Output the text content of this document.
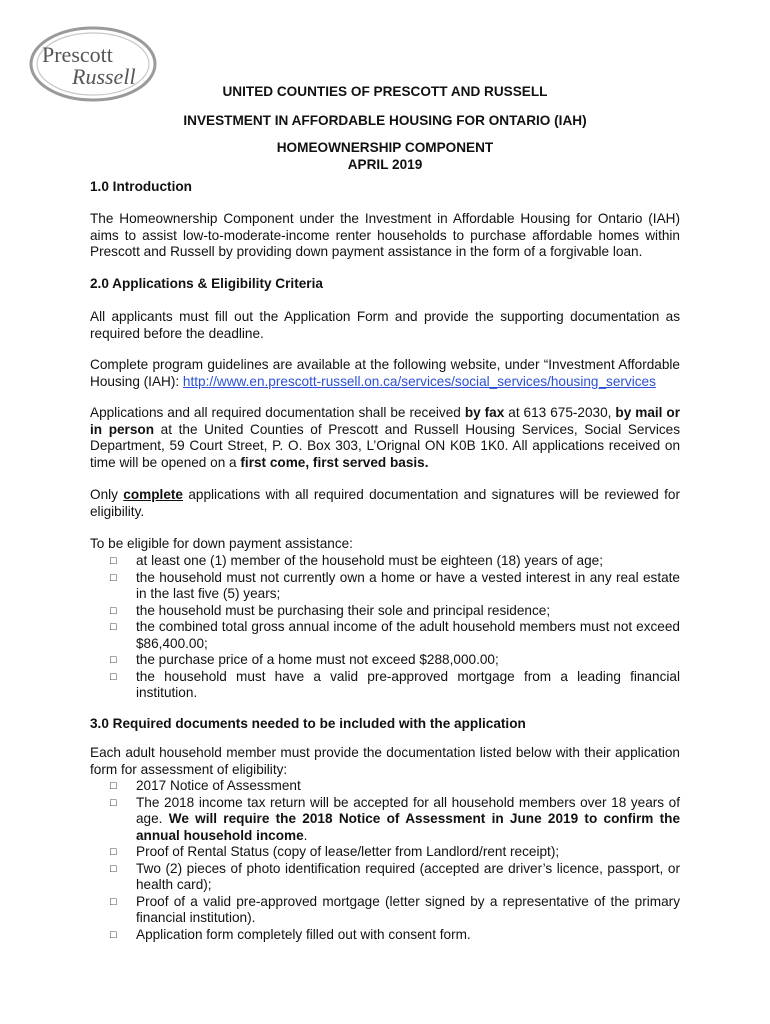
Prescott
Russell
UNITED COUNTIES OF PRESCOTT AND RUSSELL
INVESTMENT IN AFFORDABLE HOUSING FOR ONTARIO (IAH)
HOMEOWNERSHIP COMPONENT
APRIL 2019
1.0 Introduction
The Homeownership Component under the Investment in Affordable Housing for Ontario (IAH) aims to assist low-to-moderate-income renter households to purchase affordable homes within Prescott and Russell by providing down payment assistance in the form of a forgivable loan.
2.0 Applications & Eligibility Criteria
All applicants must fill out the Application Form and provide the supporting documentation as required before the deadline.
Complete program guidelines are available at the following website, under “Investment Affordable Housing (IAH): http://www.en.prescott-russell.on.ca/services/social_services/housing_services
Applications and all required documentation shall be received by fax at 613 675-2030, by mail or in person at the United Counties of Prescott and Russell Housing Services, Social Services Department, 59 Court Street, P. O. Box 303, L’Orignal ON K0B 1K0. All applications received on time will be opened on a first come, first served basis.
Only complete applications with all required documentation and signatures will be reviewed for eligibility.
To be eligible for down payment assistance:
□ at least one (1) member of the household must be eighteen (18) years of age;
□ the household must not currently own a home or have a vested interest in any real estate in the last five (5) years;
□ the household must be purchasing their sole and principal residence;
□ the combined total gross annual income of the adult household members must not exceed $86,400.00;
□ the purchase price of a home must not exceed $288,000.00;
□ the household must have a valid pre-approved mortgage from a leading financial institution.
3.0 Required documents needed to be included with the application
Each adult household member must provide the documentation listed below with their application form for assessment of eligibility:
□ 2017 Notice of Assessment
□ The 2018 income tax return will be accepted for all household members over 18 years of age. We will require the 2018 Notice of Assessment in June 2019 to confirm the annual household income.
□ Proof of Rental Status (copy of lease/letter from Landlord/rent receipt);
□ Two (2) pieces of photo identification required (accepted are driver’s licence, passport, or health card);
□ Proof of a valid pre-approved mortgage (letter signed by a representative of the primary financial institution).
□ Application form completely filled out with consent form.
